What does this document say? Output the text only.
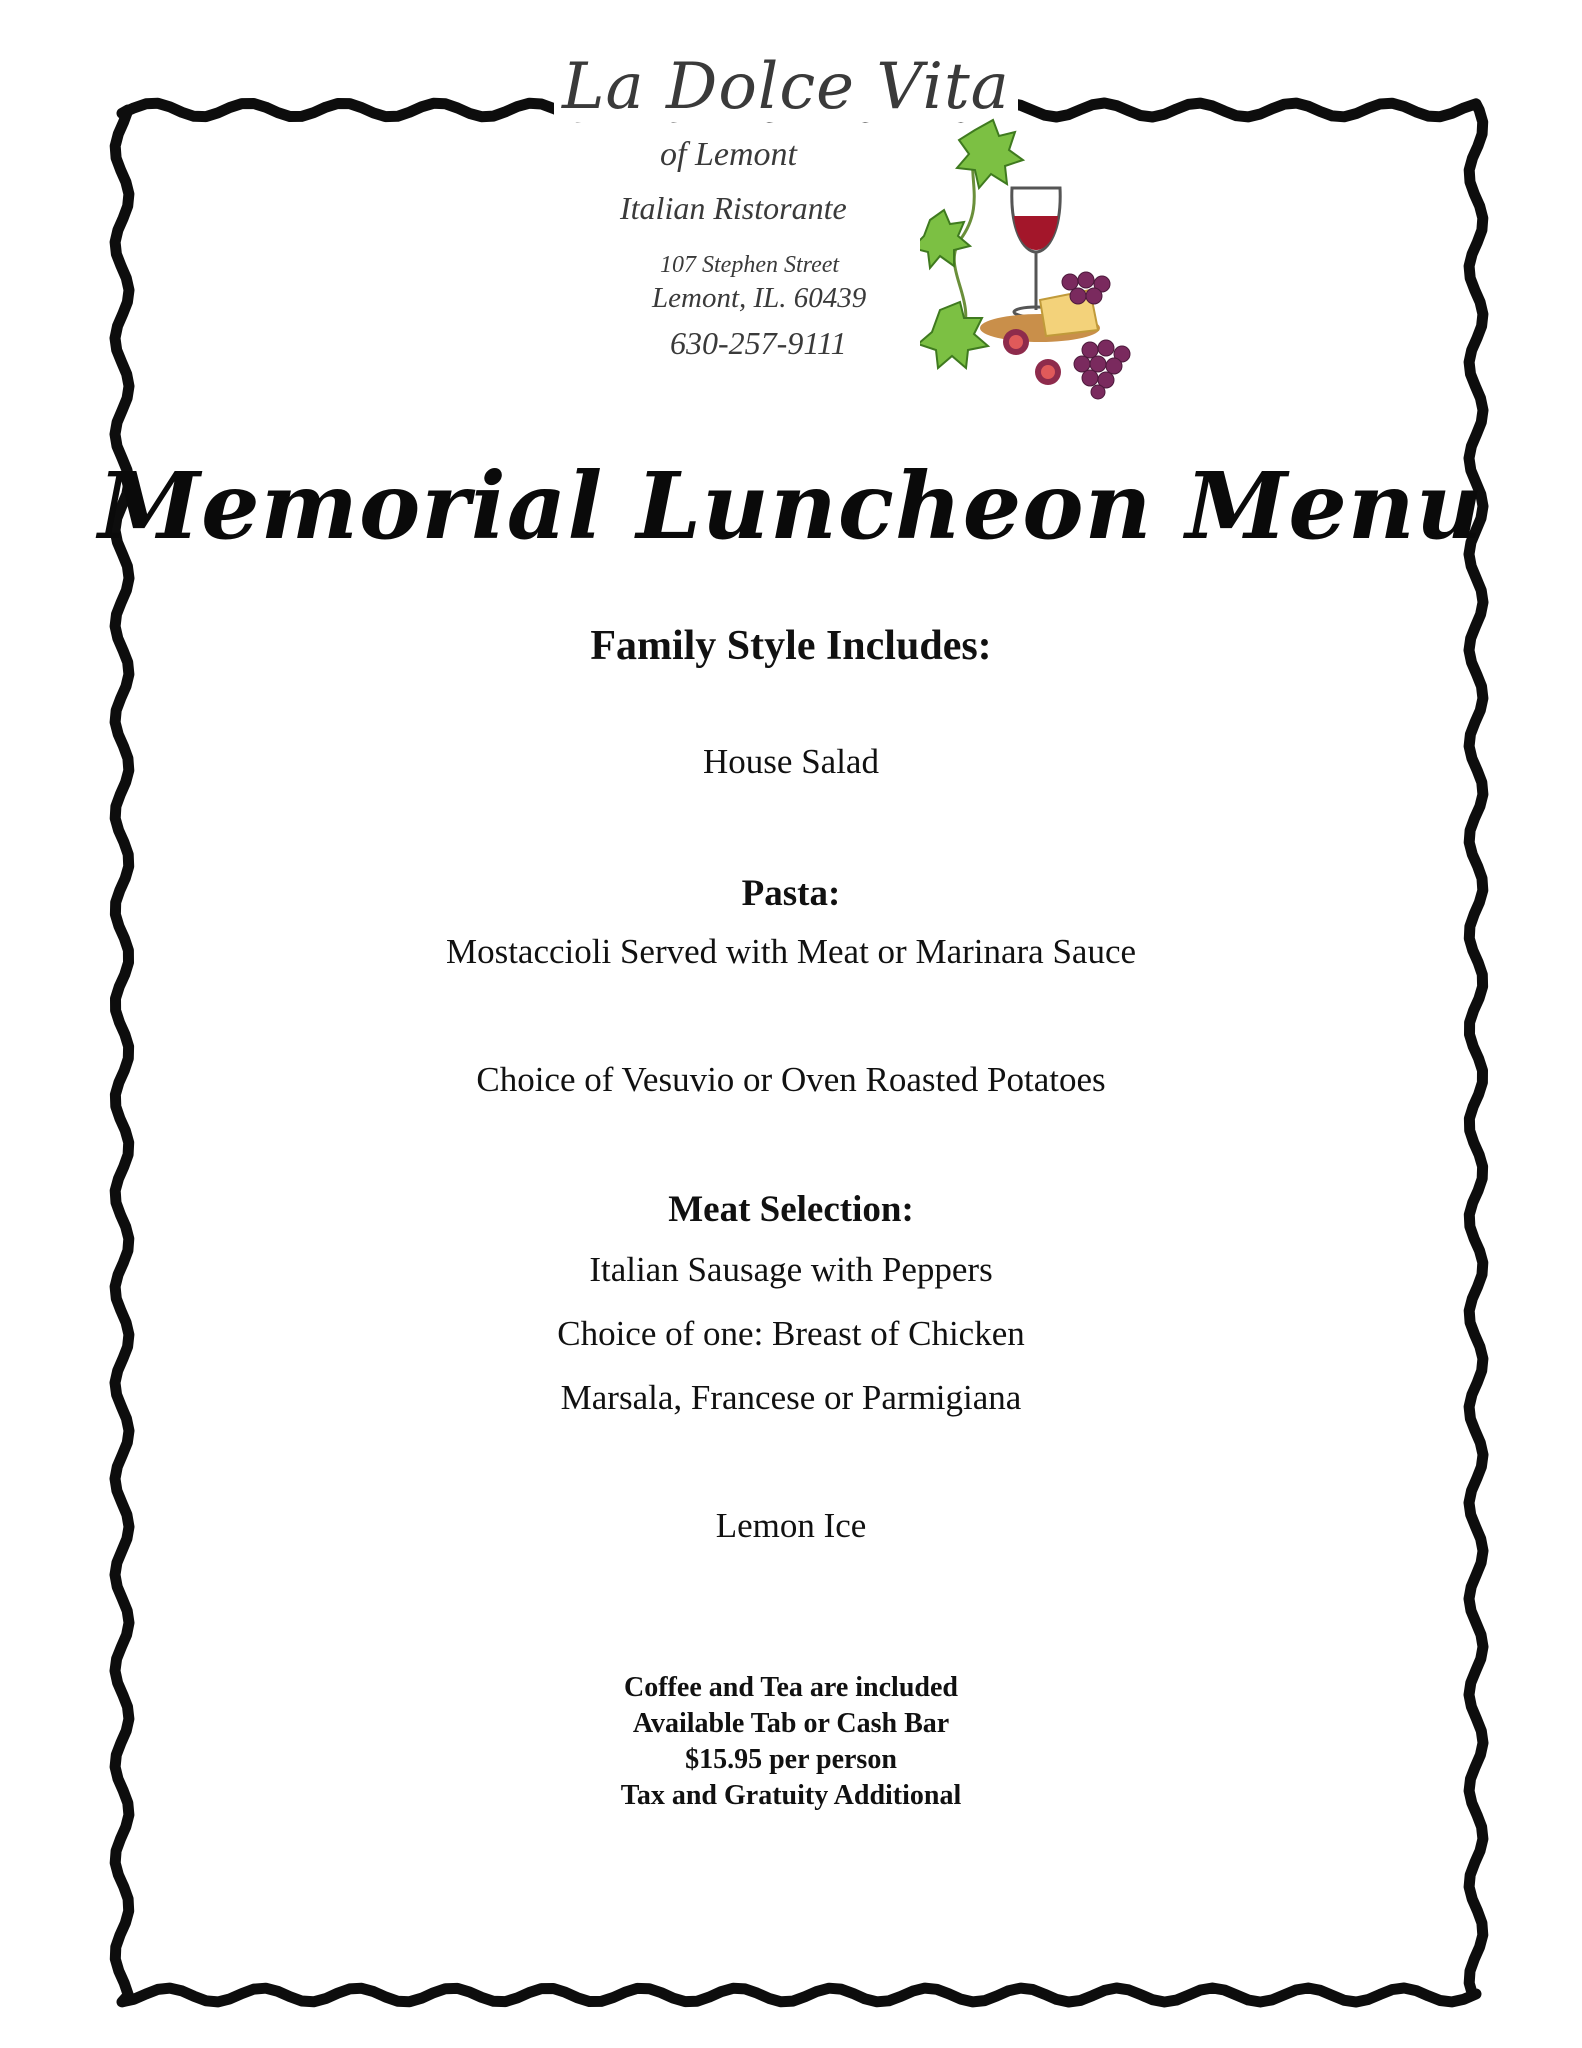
La Dolce Vita
of Lemont
Italian Ristorante
107 Stephen Street
Lemont, IL. 60439
630-257-9111
Memorial Luncheon Menu
Family Style Includes:
House Salad
Pasta:
Mostaccioli Served with Meat or Marinara Sauce
Choice of Vesuvio or Oven Roasted Potatoes
Meat Selection:
Italian Sausage with Peppers
Choice of one: Breast of Chicken
Marsala, Francese or Parmigiana
Lemon Ice
Coffee and Tea are included
Available Tab or Cash Bar
$15.95 per person
Tax and Gratuity Additional
